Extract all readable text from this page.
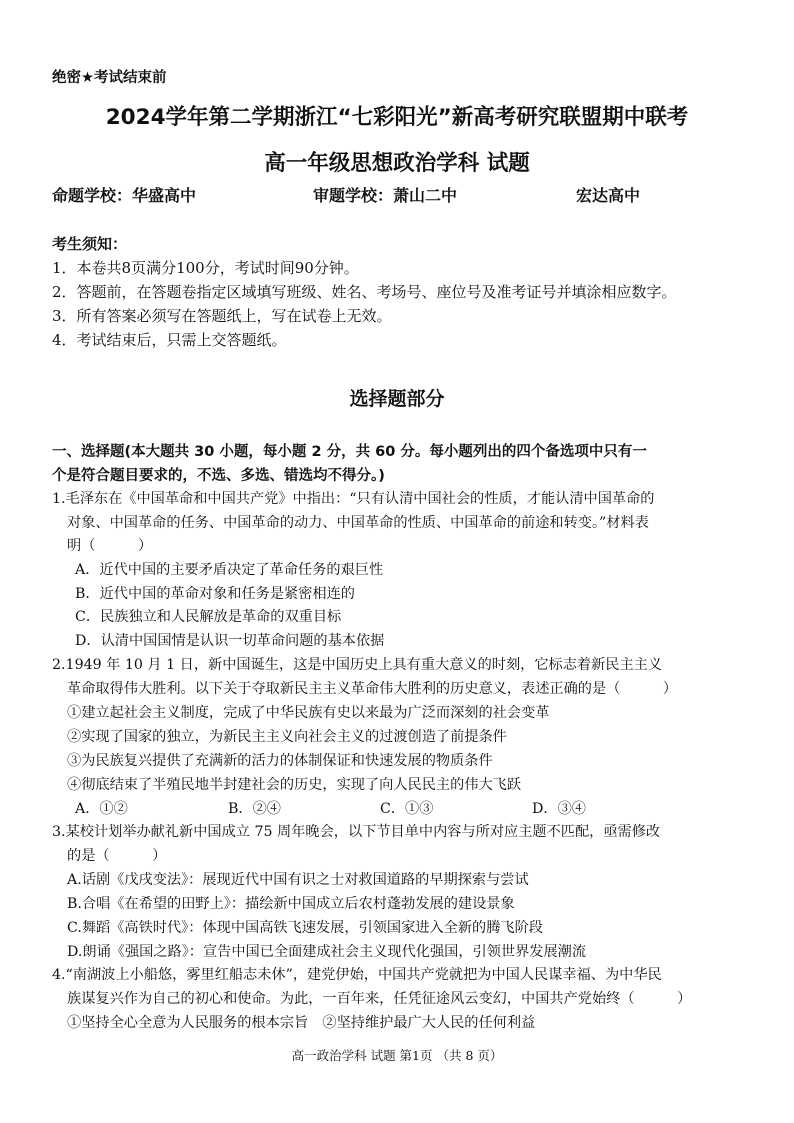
绝密★考试结束前
2024学年第二学期浙江“七彩阳光”新高考研究联盟期中联考
高一年级思想政治学科 试题
命题学校：华盛高中	审题学校：萧山二中	宏达高中
考生须知：
1．本卷共8页满分100分，考试时间90分钟。
2．答题前，在答题卷指定区域填写班级、姓名、考场号、座位号及准考证号并填涂相应数字。
3．所有答案必须写在答题纸上，写在试卷上无效。
4．考试结束后，只需上交答题纸。
选择题部分
一、选择题(本大题共 30 小题，每小题 2 分，共 60 分。每小题列出的四个备选项中只有一
个是符合题目要求的，不选、多选、错选均不得分。)
1.毛泽东在《中国革命和中国共产党》中指出：“只有认清中国社会的性质，才能认清中国革命的
对象、中国革命的任务、中国革命的动力、中国革命的性质、中国革命的前途和转变。”材料表
明（　　　）
A．近代中国的主要矛盾决定了革命任务的艰巨性
B．近代中国的革命对象和任务是紧密相连的
C．民族独立和人民解放是革命的双重目标
D．认清中国国情是认识一切革命问题的基本依据
2.1949 年 10 月 1 日，新中国诞生，这是中国历史上具有重大意义的时刻，它标志着新民主主义
革命取得伟大胜利。以下关于夺取新民主主义革命伟大胜利的历史意义，表述正确的是（　　　）
①建立起社会主义制度，完成了中华民族有史以来最为广泛而深刻的社会变革
②实现了国家的独立，为新民主主义向社会主义的过渡创造了前提条件
③为民族复兴提供了充满新的活力的体制保证和快速发展的物质条件
④彻底结束了半殖民地半封建社会的历史，实现了向人民民主的伟大飞跃
A．①②	B．②④	C．①③	D．③④
3.某校计划举办献礼新中国成立 75 周年晚会，以下节目单中内容与所对应主题不匹配，亟需修改
的是（　　　）
A.话剧《戊戌变法》：展现近代中国有识之士对救国道路的早期探索与尝试
B.合唱《在希望的田野上》：描绘新中国成立后农村蓬勃发展的建设景象
C.舞蹈《高铁时代》：体现中国高铁飞速发展，引领国家进入全新的腾飞阶段
D.朗诵《强国之路》：宣告中国已全面建成社会主义现代化强国，引领世界发展潮流
4.“南湖波上小船悠，雾里红船志未休”，建党伊始，中国共产党就把为中国人民谋幸福、为中华民
族谋复兴作为自己的初心和使命。为此，一百年来，任凭征途风云变幻，中国共产党始终（　　　）
①坚持全心全意为人民服务的根本宗旨　②坚持维护最广大人民的任何利益
高一政治学科 试题 第1页 （共 8 页）
